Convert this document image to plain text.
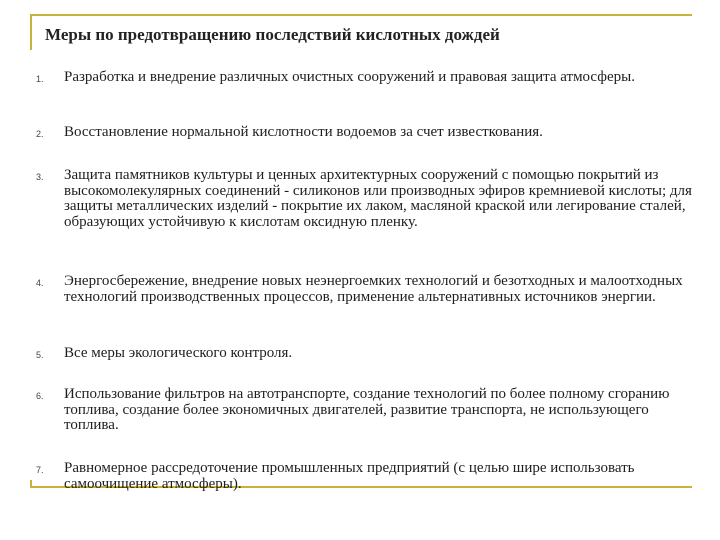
Меры по предотвращению последствий кислотных дождей
1. Разработка и внедрение различных очистных сооружений и правовая защита атмосферы.
2. Восстановление нормальной кислотности водоемов за счет известкования.
3. Защита памятников культуры и ценных архитектурных сооружений с помощью покрытий из высокомолекулярных соединений - силиконов или производных эфиров кремниевой кислоты; для защиты металлических изделий - покрытие их лаком, масляной краской или легирование сталей, образующих устойчивую к кислотам оксидную пленку.
4. Энергосбережение, внедрение новых неэнергоемких технологий и безотходных и малоотходных технологий производственных процессов, применение альтернативных источников энергии.
5. Все меры экологического контроля.
6. Использование фильтров на автотранспорте, создание технологий по более полному сгоранию топлива, создание более экономичных двигателей, развитие транспорта, не использующего топлива.
7. Равномерное рассредоточение промышленных предприятий (с целью шире использовать самоочищение атмосферы).
